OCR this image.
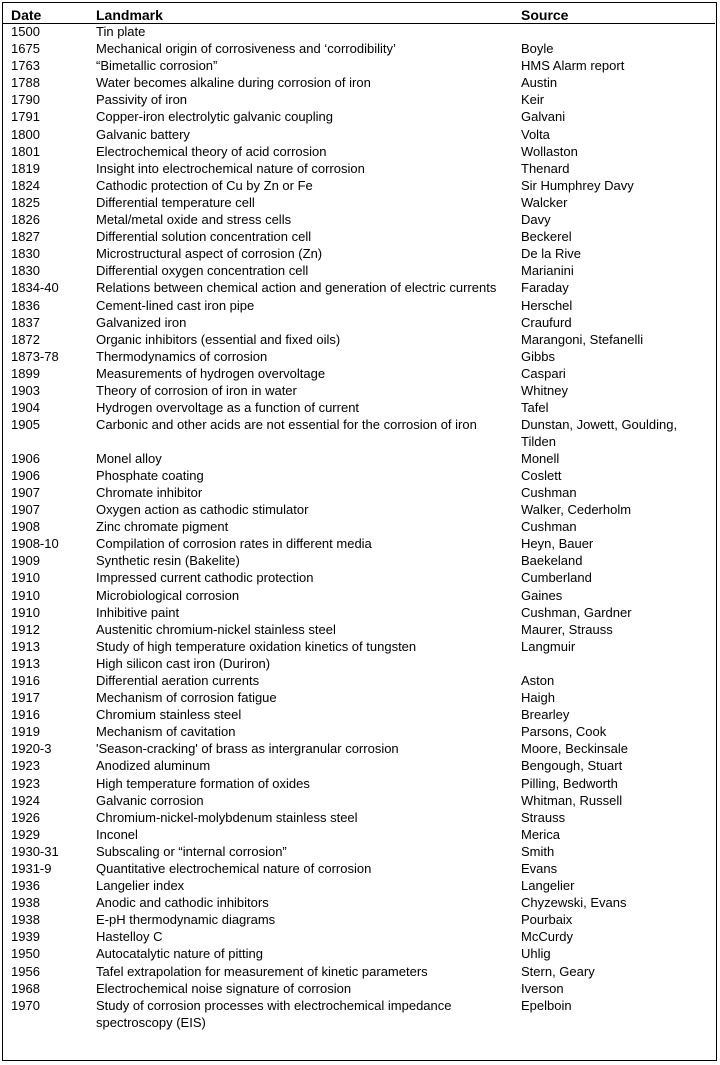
Date	Landmark	Source
1500	Tin plate	
1675	Mechanical origin of corrosiveness and ‘corrodibility’	Boyle
1763	“Bimetallic corrosion”	HMS Alarm report
1788	Water becomes alkaline during corrosion of iron	Austin
1790	Passivity of iron	Keir
1791	Copper-iron electrolytic galvanic coupling	Galvani
1800	Galvanic battery	Volta
1801	Electrochemical theory of acid corrosion	Wollaston
1819	Insight into electrochemical nature of corrosion	Thenard
1824	Cathodic protection of Cu by Zn or Fe	Sir Humphrey Davy
1825	Differential temperature cell	Walcker
1826	Metal/metal oxide and stress cells	Davy
1827	Differential solution concentration cell	Beckerel
1830	Microstructural aspect of corrosion (Zn)	De la Rive
1830	Differential oxygen concentration cell	Marianini
1834-40	Relations between chemical action and generation of electric currents	Faraday
1836	Cement-lined cast iron pipe	Herschel
1837	Galvanized iron	Craufurd
1872	Organic inhibitors (essential and fixed oils)	Marangoni, Stefanelli
1873-78	Thermodynamics of corrosion	Gibbs
1899	Measurements of hydrogen overvoltage	Caspari
1903	Theory of corrosion of iron in water	Whitney
1904	Hydrogen overvoltage as a function of current	Tafel
1905	Carbonic and other acids are not essential for the corrosion of iron	Dunstan, Jowett, Goulding, Tilden
1906	Monel alloy	Monell
1906	Phosphate coating	Coslett
1907	Chromate inhibitor	Cushman
1907	Oxygen action as cathodic stimulator	Walker, Cederholm
1908	Zinc chromate pigment	Cushman
1908-10	Compilation of corrosion rates in different media	Heyn, Bauer
1909	Synthetic resin (Bakelite)	Baekeland
1910	Impressed current cathodic protection	Cumberland
1910	Microbiological corrosion	Gaines
1910	Inhibitive paint	Cushman, Gardner
1912	Austenitic chromium-nickel stainless steel	Maurer, Strauss
1913	Study of high temperature oxidation kinetics of tungsten	Langmuir
1913	High silicon cast iron (Duriron)	
1916	Differential aeration currents	Aston
1917	Mechanism of corrosion fatigue	Haigh
1916	Chromium stainless steel	Brearley
1919	Mechanism of cavitation	Parsons, Cook
1920-3	'Season-cracking' of brass as intergranular corrosion	Moore, Beckinsale
1923	Anodized aluminum	Bengough, Stuart
1923	High temperature formation of oxides	Pilling, Bedworth
1924	Galvanic corrosion	Whitman, Russell
1926	Chromium-nickel-molybdenum stainless steel	Strauss
1929	Inconel	Merica
1930-31	Subscaling or “internal corrosion”	Smith
1931-9	Quantitative electrochemical nature of corrosion	Evans
1936	Langelier index	Langelier
1938	Anodic and cathodic inhibitors	Chyzewski, Evans
1938	E-pH thermodynamic diagrams	Pourbaix
1939	Hastelloy C	McCurdy
1950	Autocatalytic nature of pitting	Uhlig
1956	Tafel extrapolation for measurement of kinetic parameters	Stern, Geary
1968	Electrochemical noise signature of corrosion	Iverson
1970	Study of corrosion processes with electrochemical impedance spectroscopy (EIS)	Epelboin
